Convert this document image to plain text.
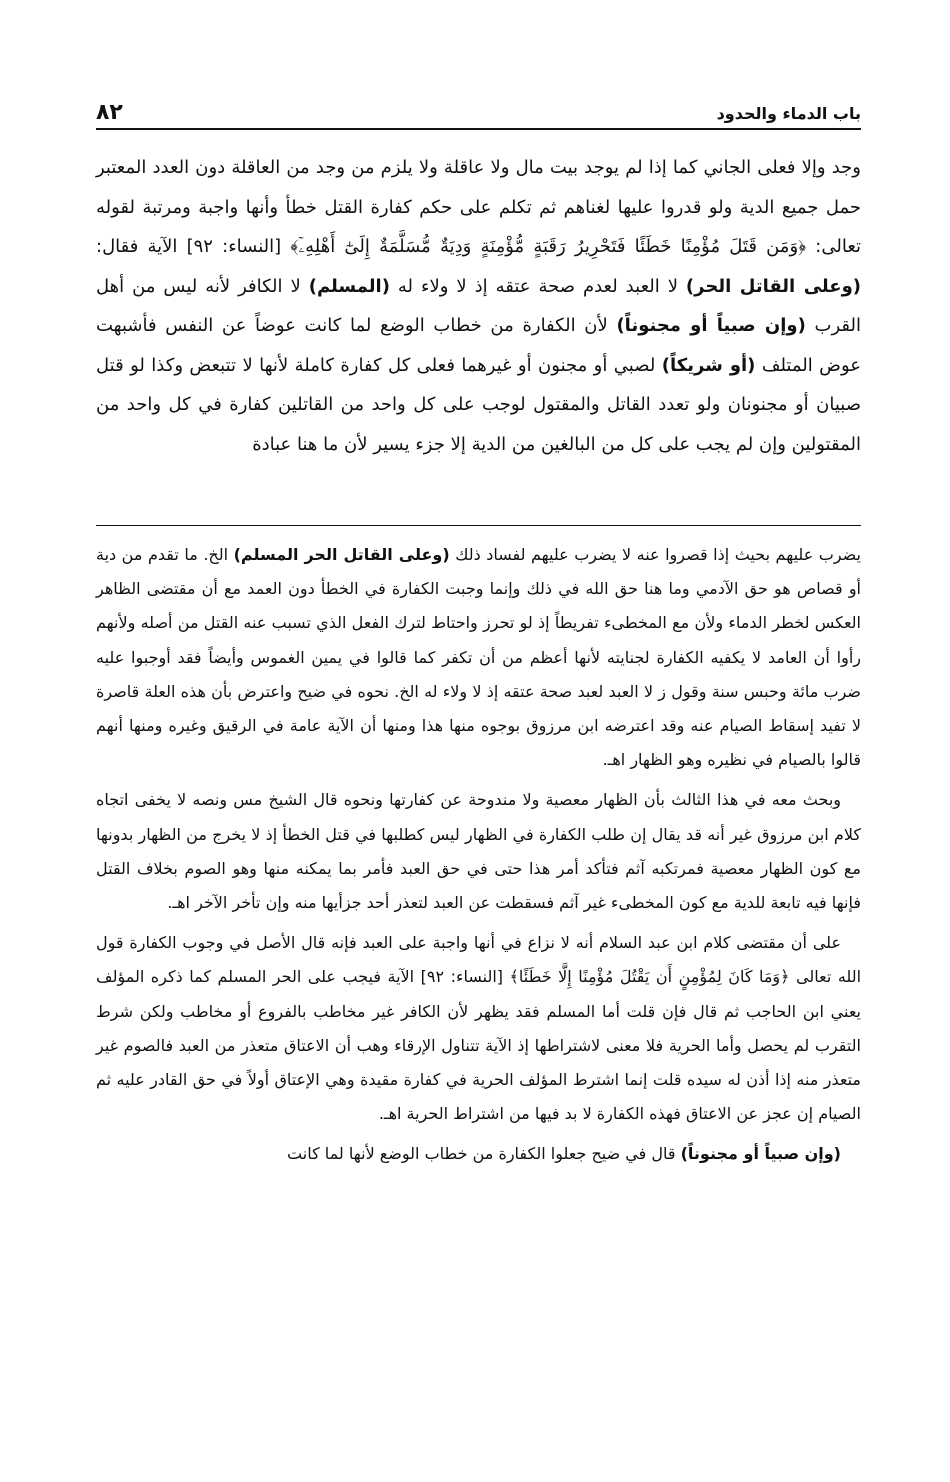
باب الدماء والحدود
٨٢

وجد وإلا فعلى الجاني كما إذا لم يوجد بيت مال ولا عاقلة ولا يلزم من وجد من العاقلة دون العدد المعتبر حمل جميع الدية ولو قدروا عليها لغناهم ثم تكلم على حكم كفارة القتل خطأ وأنها واجبة ومرتبة لقوله تعالى: ﴿وَمَن قَتَلَ مُؤْمِنًا خَطَئًا فَتَحْرِيرُ رَقَبَةٍ مُّؤْمِنَةٍ وَدِيَةٌ مُّسَلَّمَةٌ إِلَىٰٓ أَهْلِهِۦٓ﴾ [النساء: ٩٢] الآية فقال: (وعلى القاتل الحر) لا العبد لعدم صحة عتقه إذ لا ولاء له (المسلم) لا الكافر لأنه ليس من أهل القرب (وإن صبياً أو مجنوناً) لأن الكفارة من خطاب الوضع لما كانت عوضاً عن النفس فأشبهت عوض المتلف (أو شريكاً) لصبي أو مجنون أو غيرهما فعلى كل كفارة كاملة لأنها لا تتبعض وكذا لو قتل صبيان أو مجنونان ولو تعدد القاتل والمقتول لوجب على كل واحد من القاتلين كفارة في كل واحد من المقتولين وإن لم يجب على كل من البالغين من الدية إلا جزء يسير لأن ما هنا عبادة

يضرب عليهم بحيث إذا قصروا عنه لا يضرب عليهم لفساد ذلك (وعلى القاتل الحر المسلم) الخ. ما تقدم من دية أو قصاص هو حق الآدمي وما هنا حق الله في ذلك وإنما وجبت الكفارة في الخطأ دون العمد مع أن مقتضى الظاهر العكس لخطر الدماء ولأن مع المخطىء تفريطاً إذ لو تحرز واحتاط لترك الفعل الذي تسبب عنه القتل من أصله ولأنهم رأوا أن العامد لا يكفيه الكفارة لجنايته لأنها أعظم من أن تكفر كما قالوا في يمين الغموس وأيضاً فقد أوجبوا عليه ضرب مائة وحبس سنة وقول ز لا العبد لعبد صحة عتقه إذ لا ولاء له الخ. نحوه في ضيح واعترض بأن هذه العلة قاصرة لا تفيد إسقاط الصيام عنه وقد اعترضه ابن مرزوق بوجوه منها هذا ومنها أن الآية عامة في الرقيق وغيره ومنها أنهم قالوا بالصيام في نظيره وهو الظهار اهـ.

وبحث معه في هذا الثالث بأن الظهار معصية ولا مندوحة عن كفارتها ونحوه قال الشيخ مس ونصه لا يخفى اتجاه كلام ابن مرزوق غير أنه قد يقال إن طلب الكفارة في الظهار ليس كطلبها في قتل الخطأ إذ لا يخرج من الظهار بدونها مع كون الظهار معصية فمرتكبه آثم فتأكد أمر هذا حتى في حق العبد فأمر بما يمكنه منها وهو الصوم بخلاف القتل فإنها فيه تابعة للدية مع كون المخطىء غير آثم فسقطت عن العبد لتعذر أحد جزأيها منه وإن تأخر الآخر اهـ.

على أن مقتضى كلام ابن عبد السلام أنه لا نزاع في أنها واجبة على العبد فإنه قال الأصل في وجوب الكفارة قول الله تعالى ﴿وَمَا كَانَ لِمُؤْمِنٍ أَن يَقْتُلَ مُؤْمِنًا إِلَّا خَطَئًا﴾ [النساء: ٩٢] الآية فيجب على الحر المسلم كما ذكره المؤلف يعني ابن الحاجب ثم قال فإن قلت أما المسلم فقد يظهر لأن الكافر غير مخاطب بالفروع أو مخاطب ولكن شرط التقرب لم يحصل وأما الحرية فلا معنى لاشتراطها إذ الآية تتناول الإرقاء وهب أن الاعتاق متعذر من العبد فالصوم غير متعذر منه إذا أذن له سيده قلت إنما اشترط المؤلف الحرية في كفارة مقيدة وهي الإعتاق أولاً في حق القادر عليه ثم الصيام إن عجز عن الاعتاق فهذه الكفارة لا بد فيها من اشتراط الحرية اهـ.

(وإن صبياً أو مجنوناً) قال في ضيح جعلوا الكفارة من خطاب الوضع لأنها لما كانت
